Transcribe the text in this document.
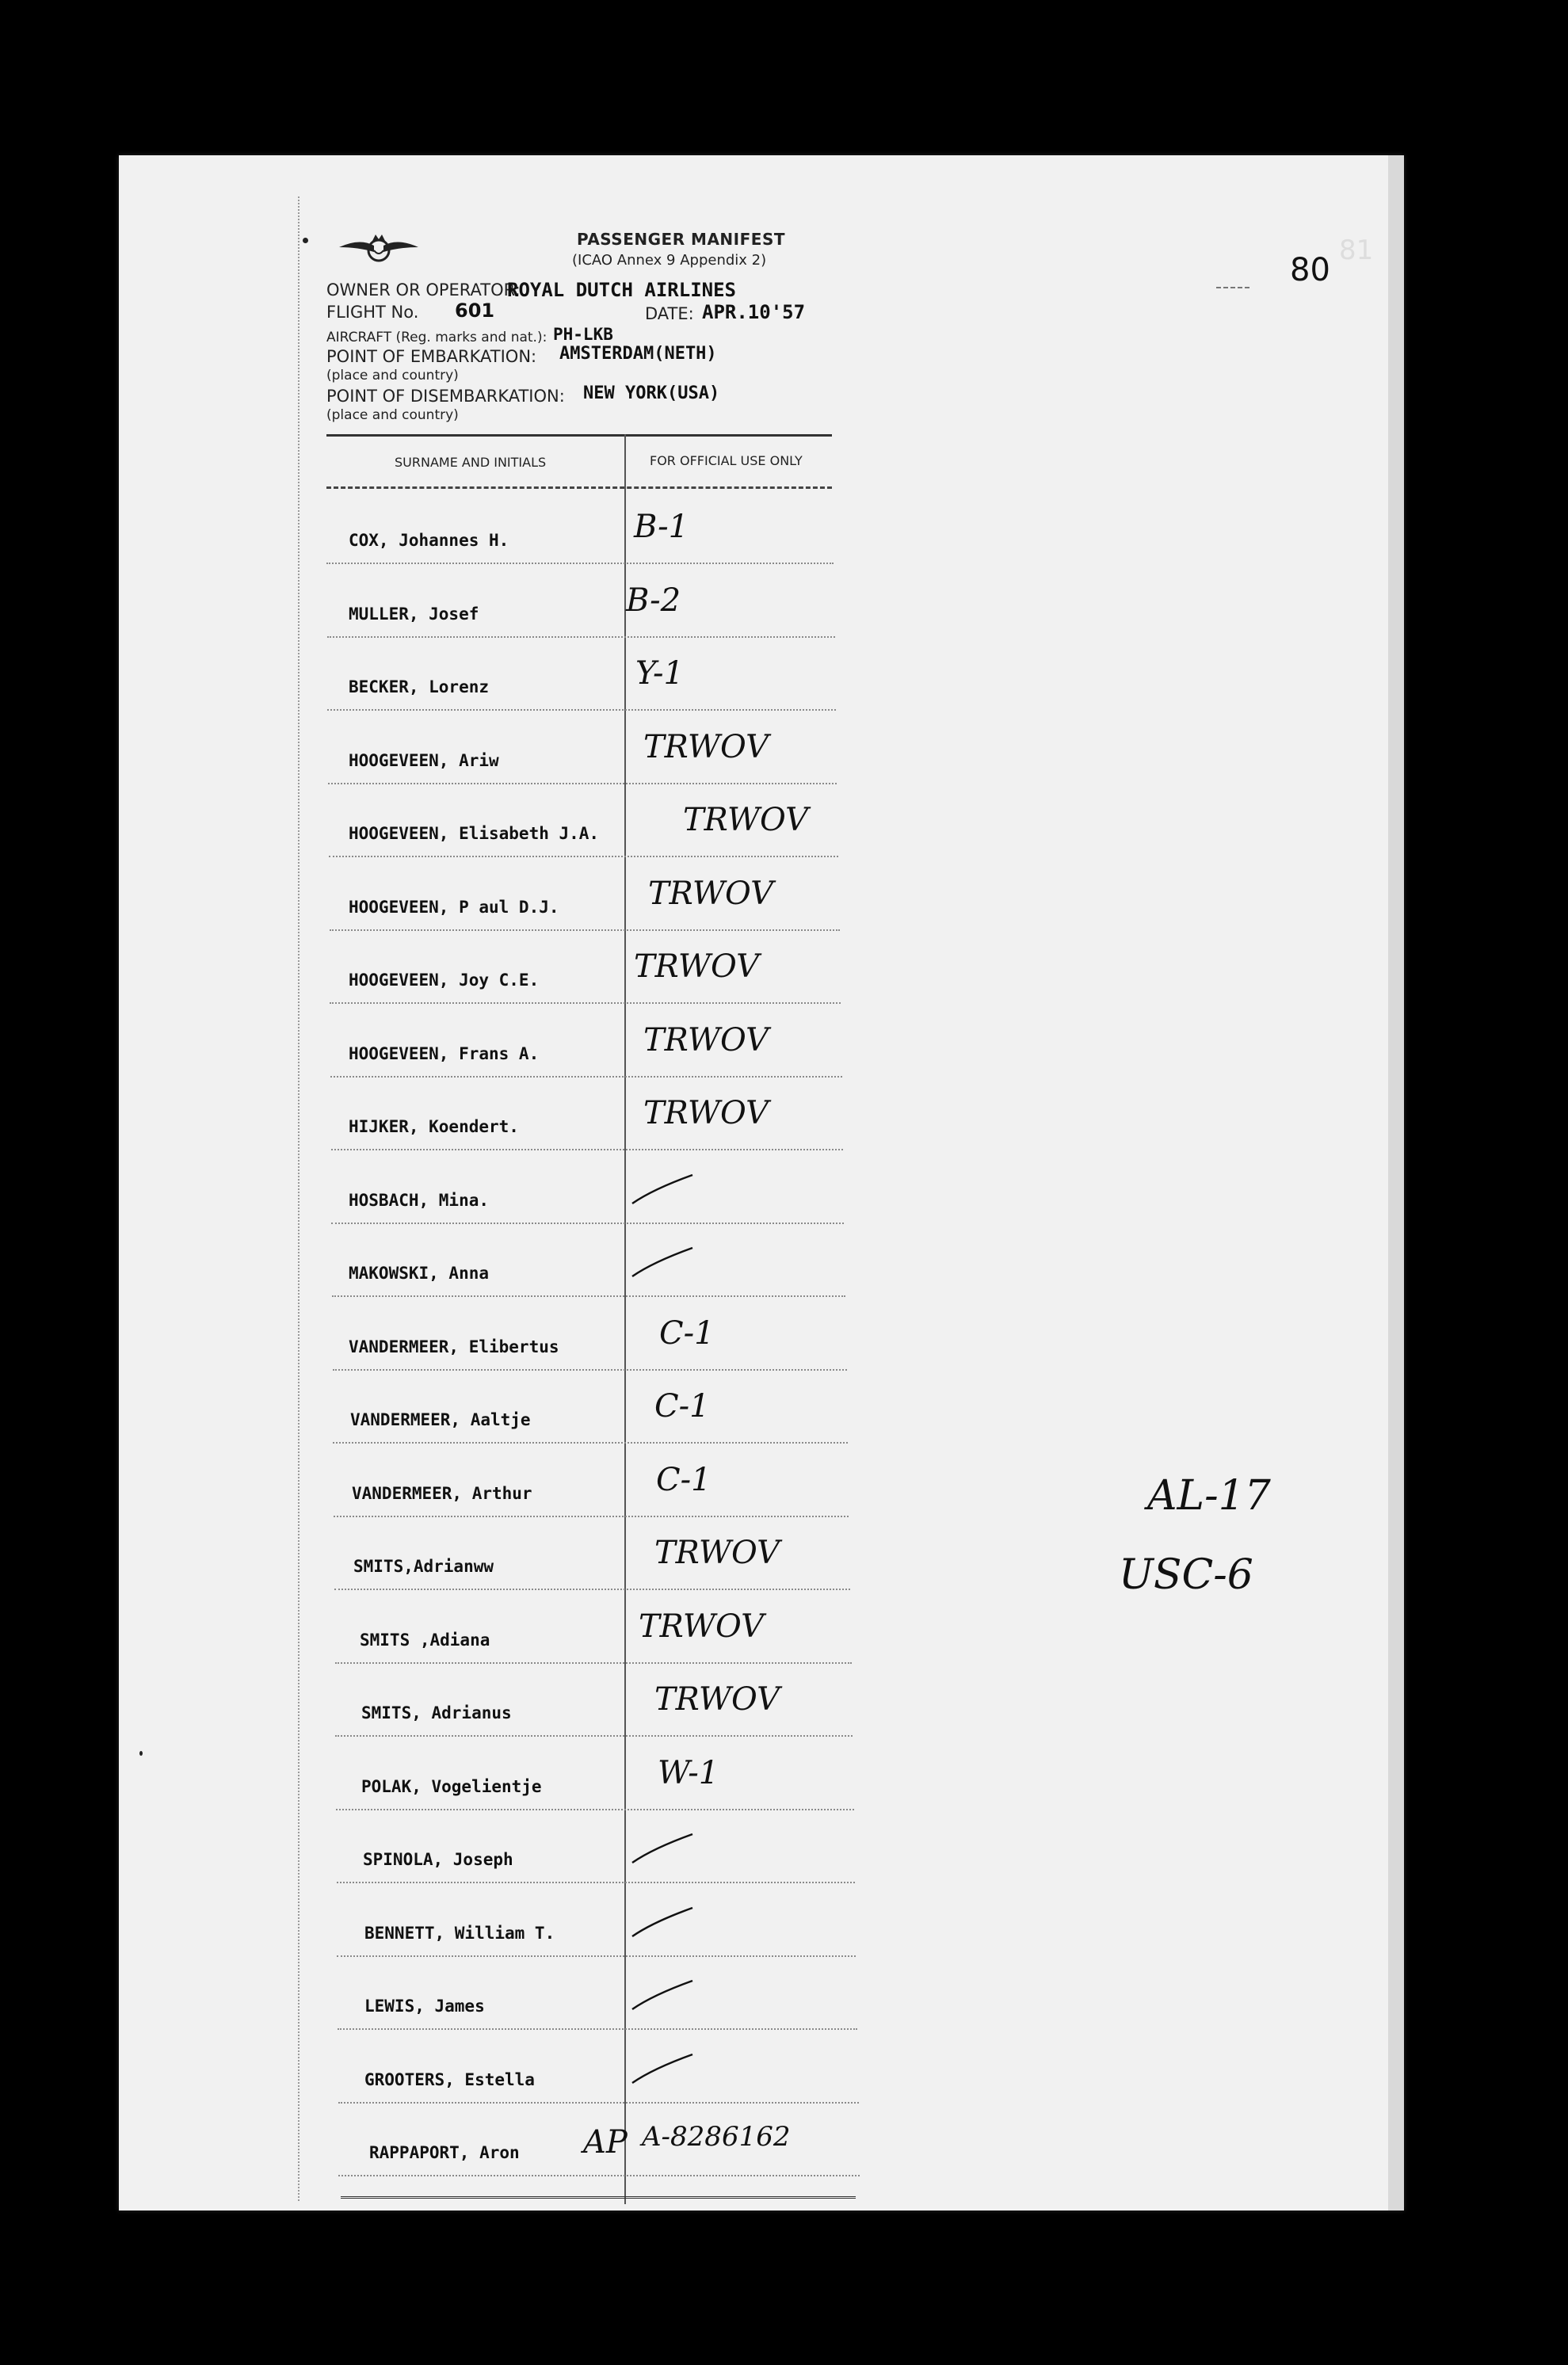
81
80
PASSENGER MANIFEST
(ICAO Annex 9 Appendix 2)
OWNER OR OPERATOR:
ROYAL DUTCH AIRLINES
FLIGHT No. 601	DATE: APR.10'57
AIRCRAFT (Reg. marks and nat.): PH-LKB
POINT OF EMBARKATION: AMSTERDAM(NETH)
(place and country)
POINT OF DISEMBARKATION: NEW YORK(USA)
(place and country)
SURNAME AND INITIALS	FOR OFFICIAL USE ONLY
COX, Johannes H.	B-1
MULLER, Josef	B-2
BECKER, Lorenz	Y-1
HOOGEVEEN, Ariw	TRWOV
HOOGEVEEN, Elisabeth J.A.	TRWOV
HOOGEVEEN, P aul D.J.	TRWOV
HOOGEVEEN, Joy C.E.	TRWOV
HOOGEVEEN, Frans A.	TRWOV
HIJKER, Koendert.	TRWOV
HOSBACH, Mina.
MAKOWSKI, Anna
VANDERMEER, Elibertus	C-1
VANDERMEER, Aaltje	C-1
VANDERMEER, Arthur	C-1
SMITS,Adrianww	TRWOV
SMITS ,Adiana	TRWOV
SMITS, Adrianus	TRWOV
POLAK, Vogelientje	W-1
SPINOLA, Joseph
BENNETT, William T.
LEWIS, James
GROOTERS, Estella
RAPPAPORT, Aron AP A-8286162
AL-17
USC-6
